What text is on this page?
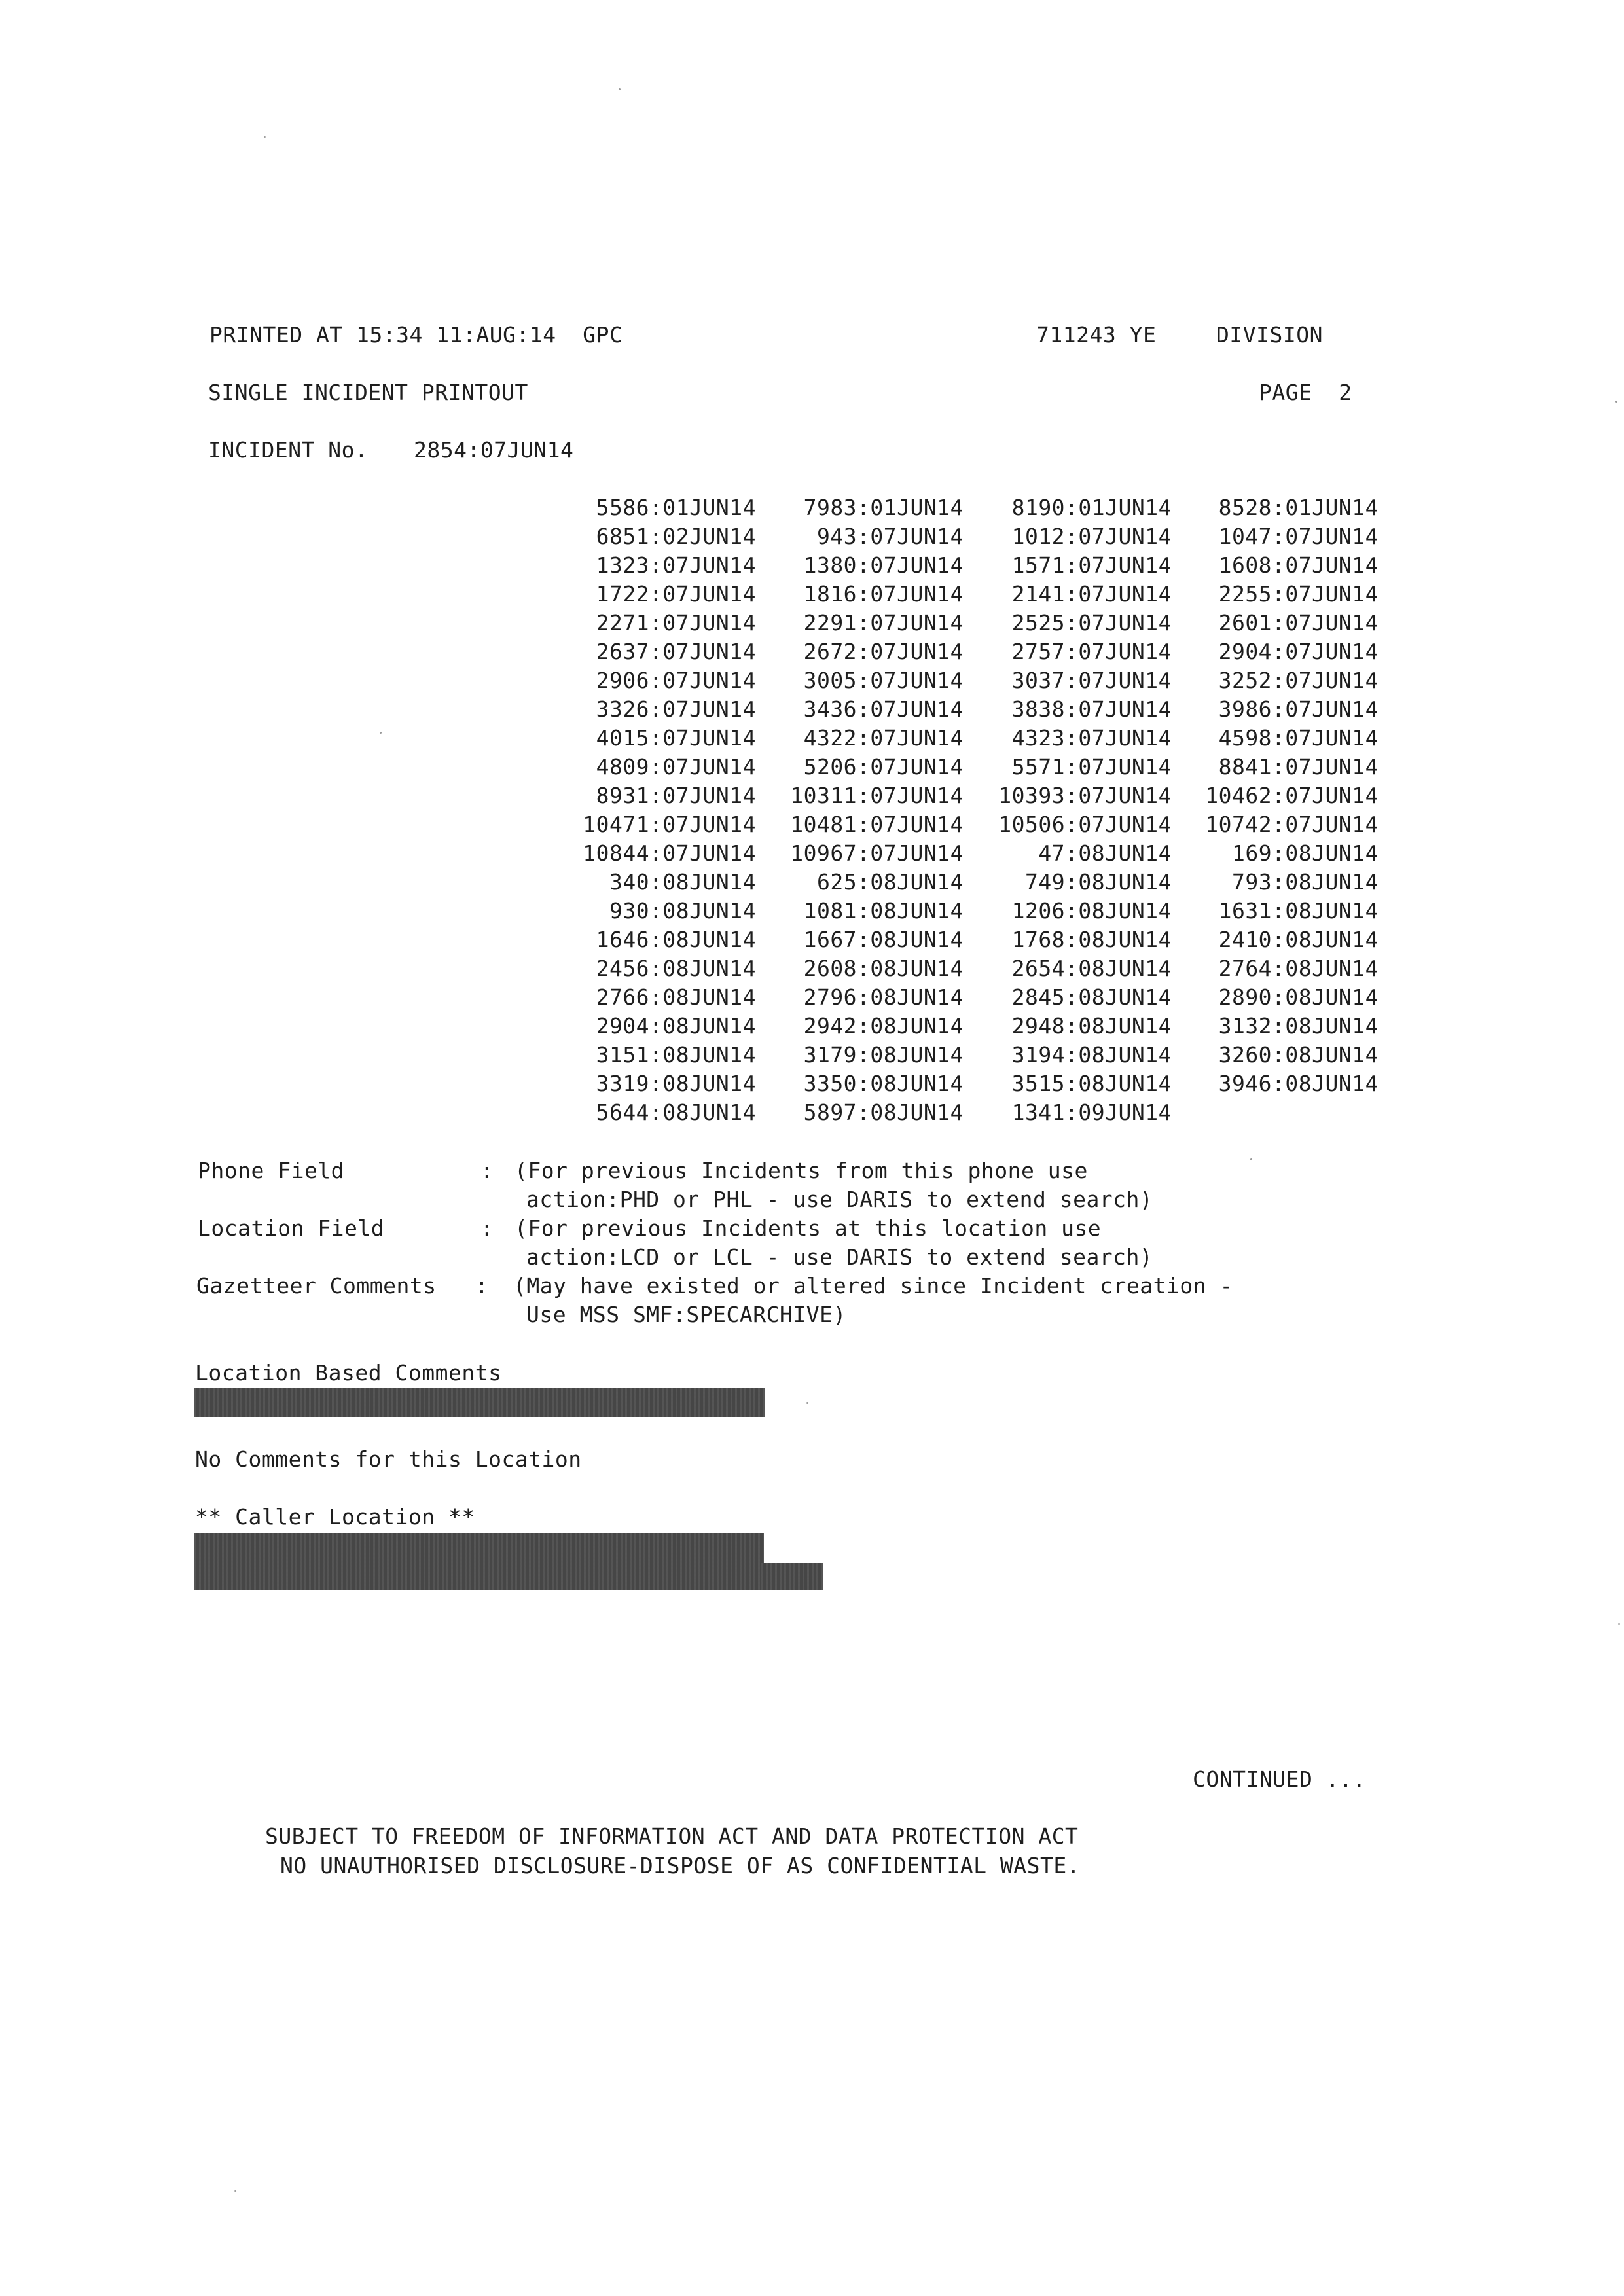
PRINTED AT 15:34 11:AUG:14  GPC	711243 YE	DIVISION
SINGLE INCIDENT PRINTOUT	PAGE  2
INCIDENT No. 2854:07JUN14
5586:01JUN14	7983:01JUN14	8190:01JUN14	8528:01JUN14
6851:02JUN14	943:07JUN14	1012:07JUN14	1047:07JUN14
1323:07JUN14	1380:07JUN14	1571:07JUN14	1608:07JUN14
1722:07JUN14	1816:07JUN14	2141:07JUN14	2255:07JUN14
2271:07JUN14	2291:07JUN14	2525:07JUN14	2601:07JUN14
2637:07JUN14	2672:07JUN14	2757:07JUN14	2904:07JUN14
2906:07JUN14	3005:07JUN14	3037:07JUN14	3252:07JUN14
3326:07JUN14	3436:07JUN14	3838:07JUN14	3986:07JUN14
4015:07JUN14	4322:07JUN14	4323:07JUN14	4598:07JUN14
4809:07JUN14	5206:07JUN14	5571:07JUN14	8841:07JUN14
8931:07JUN14	10311:07JUN14	10393:07JUN14	10462:07JUN14
10471:07JUN14	10481:07JUN14	10506:07JUN14	10742:07JUN14
10844:07JUN14	10967:07JUN14	47:08JUN14	169:08JUN14
340:08JUN14	625:08JUN14	749:08JUN14	793:08JUN14
930:08JUN14	1081:08JUN14	1206:08JUN14	1631:08JUN14
1646:08JUN14	1667:08JUN14	1768:08JUN14	2410:08JUN14
2456:08JUN14	2608:08JUN14	2654:08JUN14	2764:08JUN14
2766:08JUN14	2796:08JUN14	2845:08JUN14	2890:08JUN14
2904:08JUN14	2942:08JUN14	2948:08JUN14	3132:08JUN14
3151:08JUN14	3179:08JUN14	3194:08JUN14	3260:08JUN14
3319:08JUN14	3350:08JUN14	3515:08JUN14	3946:08JUN14
5644:08JUN14	5897:08JUN14	1341:09JUN14
Phone Field	: (For previous Incidents from this phone use
action:PHD or PHL - use DARIS to extend search)
Location Field	: (For previous Incidents at this location use
action:LCD or LCL - use DARIS to extend search)
Gazetteer Comments : (May have existed or altered since Incident creation -
Use MSS SMF:SPECARCHIVE)
Location Based Comments
No Comments for this Location
** Caller Location **
CONTINUED ...
SUBJECT TO FREEDOM OF INFORMATION ACT AND DATA PROTECTION ACT
NO UNAUTHORISED DISCLOSURE-DISPOSE OF AS CONFIDENTIAL WASTE.
